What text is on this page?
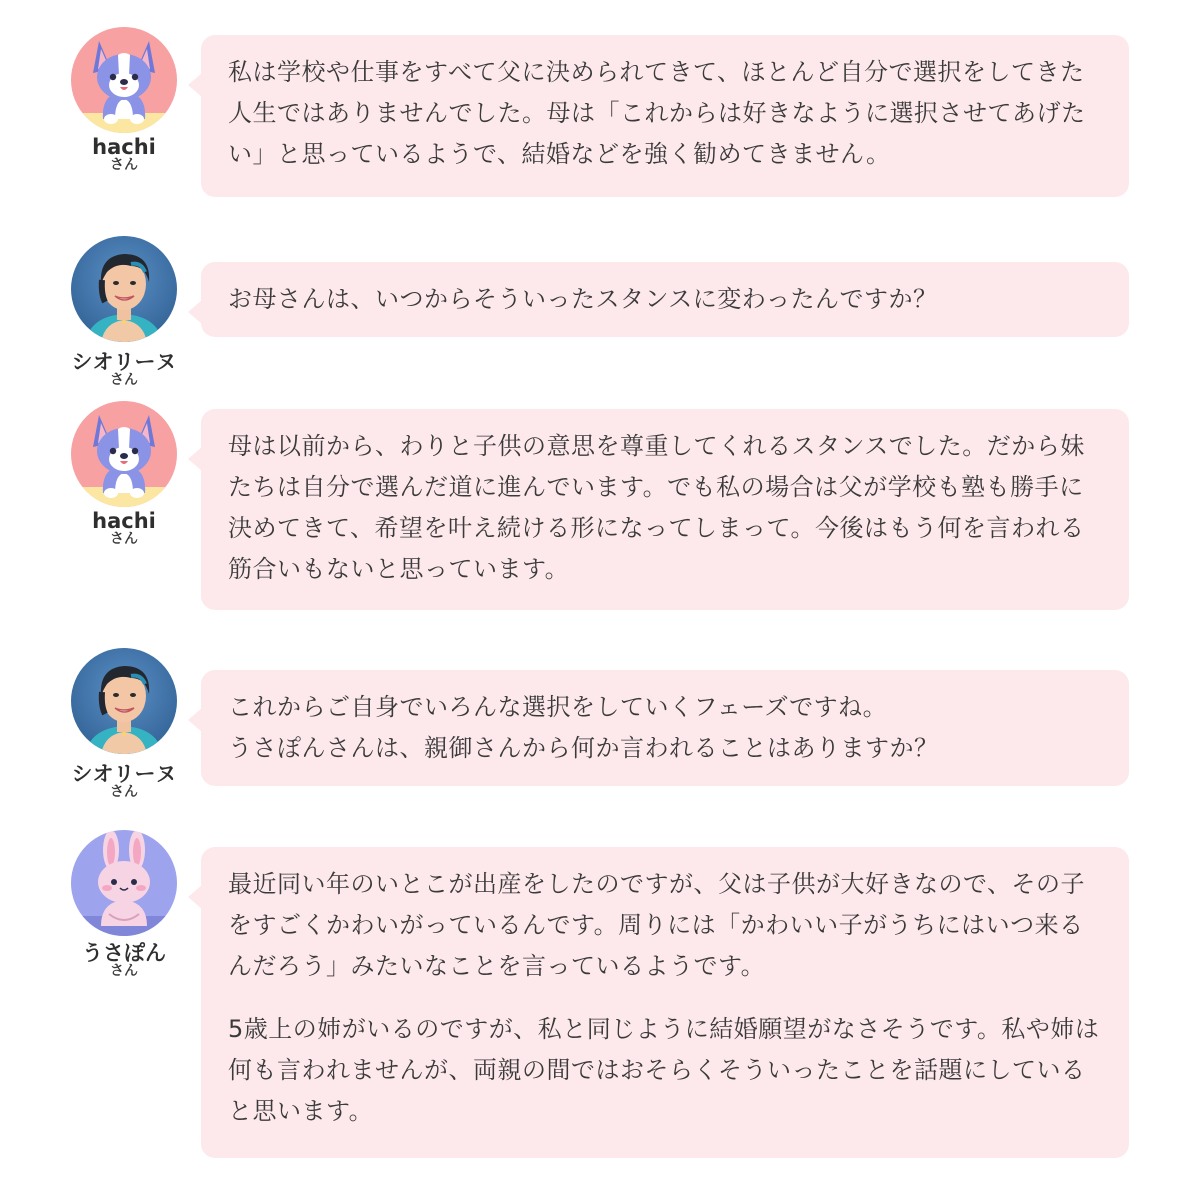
hachi
さん

私は学校や仕事をすべて父に決められてきて、ほとんど自分で選択をしてきた人生ではありませんでした。母は「これからは好きなように選択させてあげたい」と思っているようで、結婚などを強く勧めてきません。

シオリーヌ
さん

お母さんは、いつからそういったスタンスに変わったんですか？

hachi
さん

母は以前から、わりと子供の意思を尊重してくれるスタンスでした。だから妹たちは自分で選んだ道に進んでいます。でも私の場合は父が学校も塾も勝手に決めてきて、希望を叶え続ける形になってしまって。今後はもう何を言われる筋合いもないと思っています。

シオリーヌ
さん

これからご自身でいろんな選択をしていくフェーズですね。
うさぽんさんは、親御さんから何か言われることはありますか？

うさぽん
さん

最近同い年のいとこが出産をしたのですが、父は子供が大好きなので、その子をすごくかわいがっているんです。周りには「かわいい子がうちにはいつ来るんだろう」みたいなことを言っているようです。

5歳上の姉がいるのですが、私と同じように結婚願望がなさそうです。私や姉は何も言われませんが、両親の間ではおそらくそういったことを話題にしていると思います。
